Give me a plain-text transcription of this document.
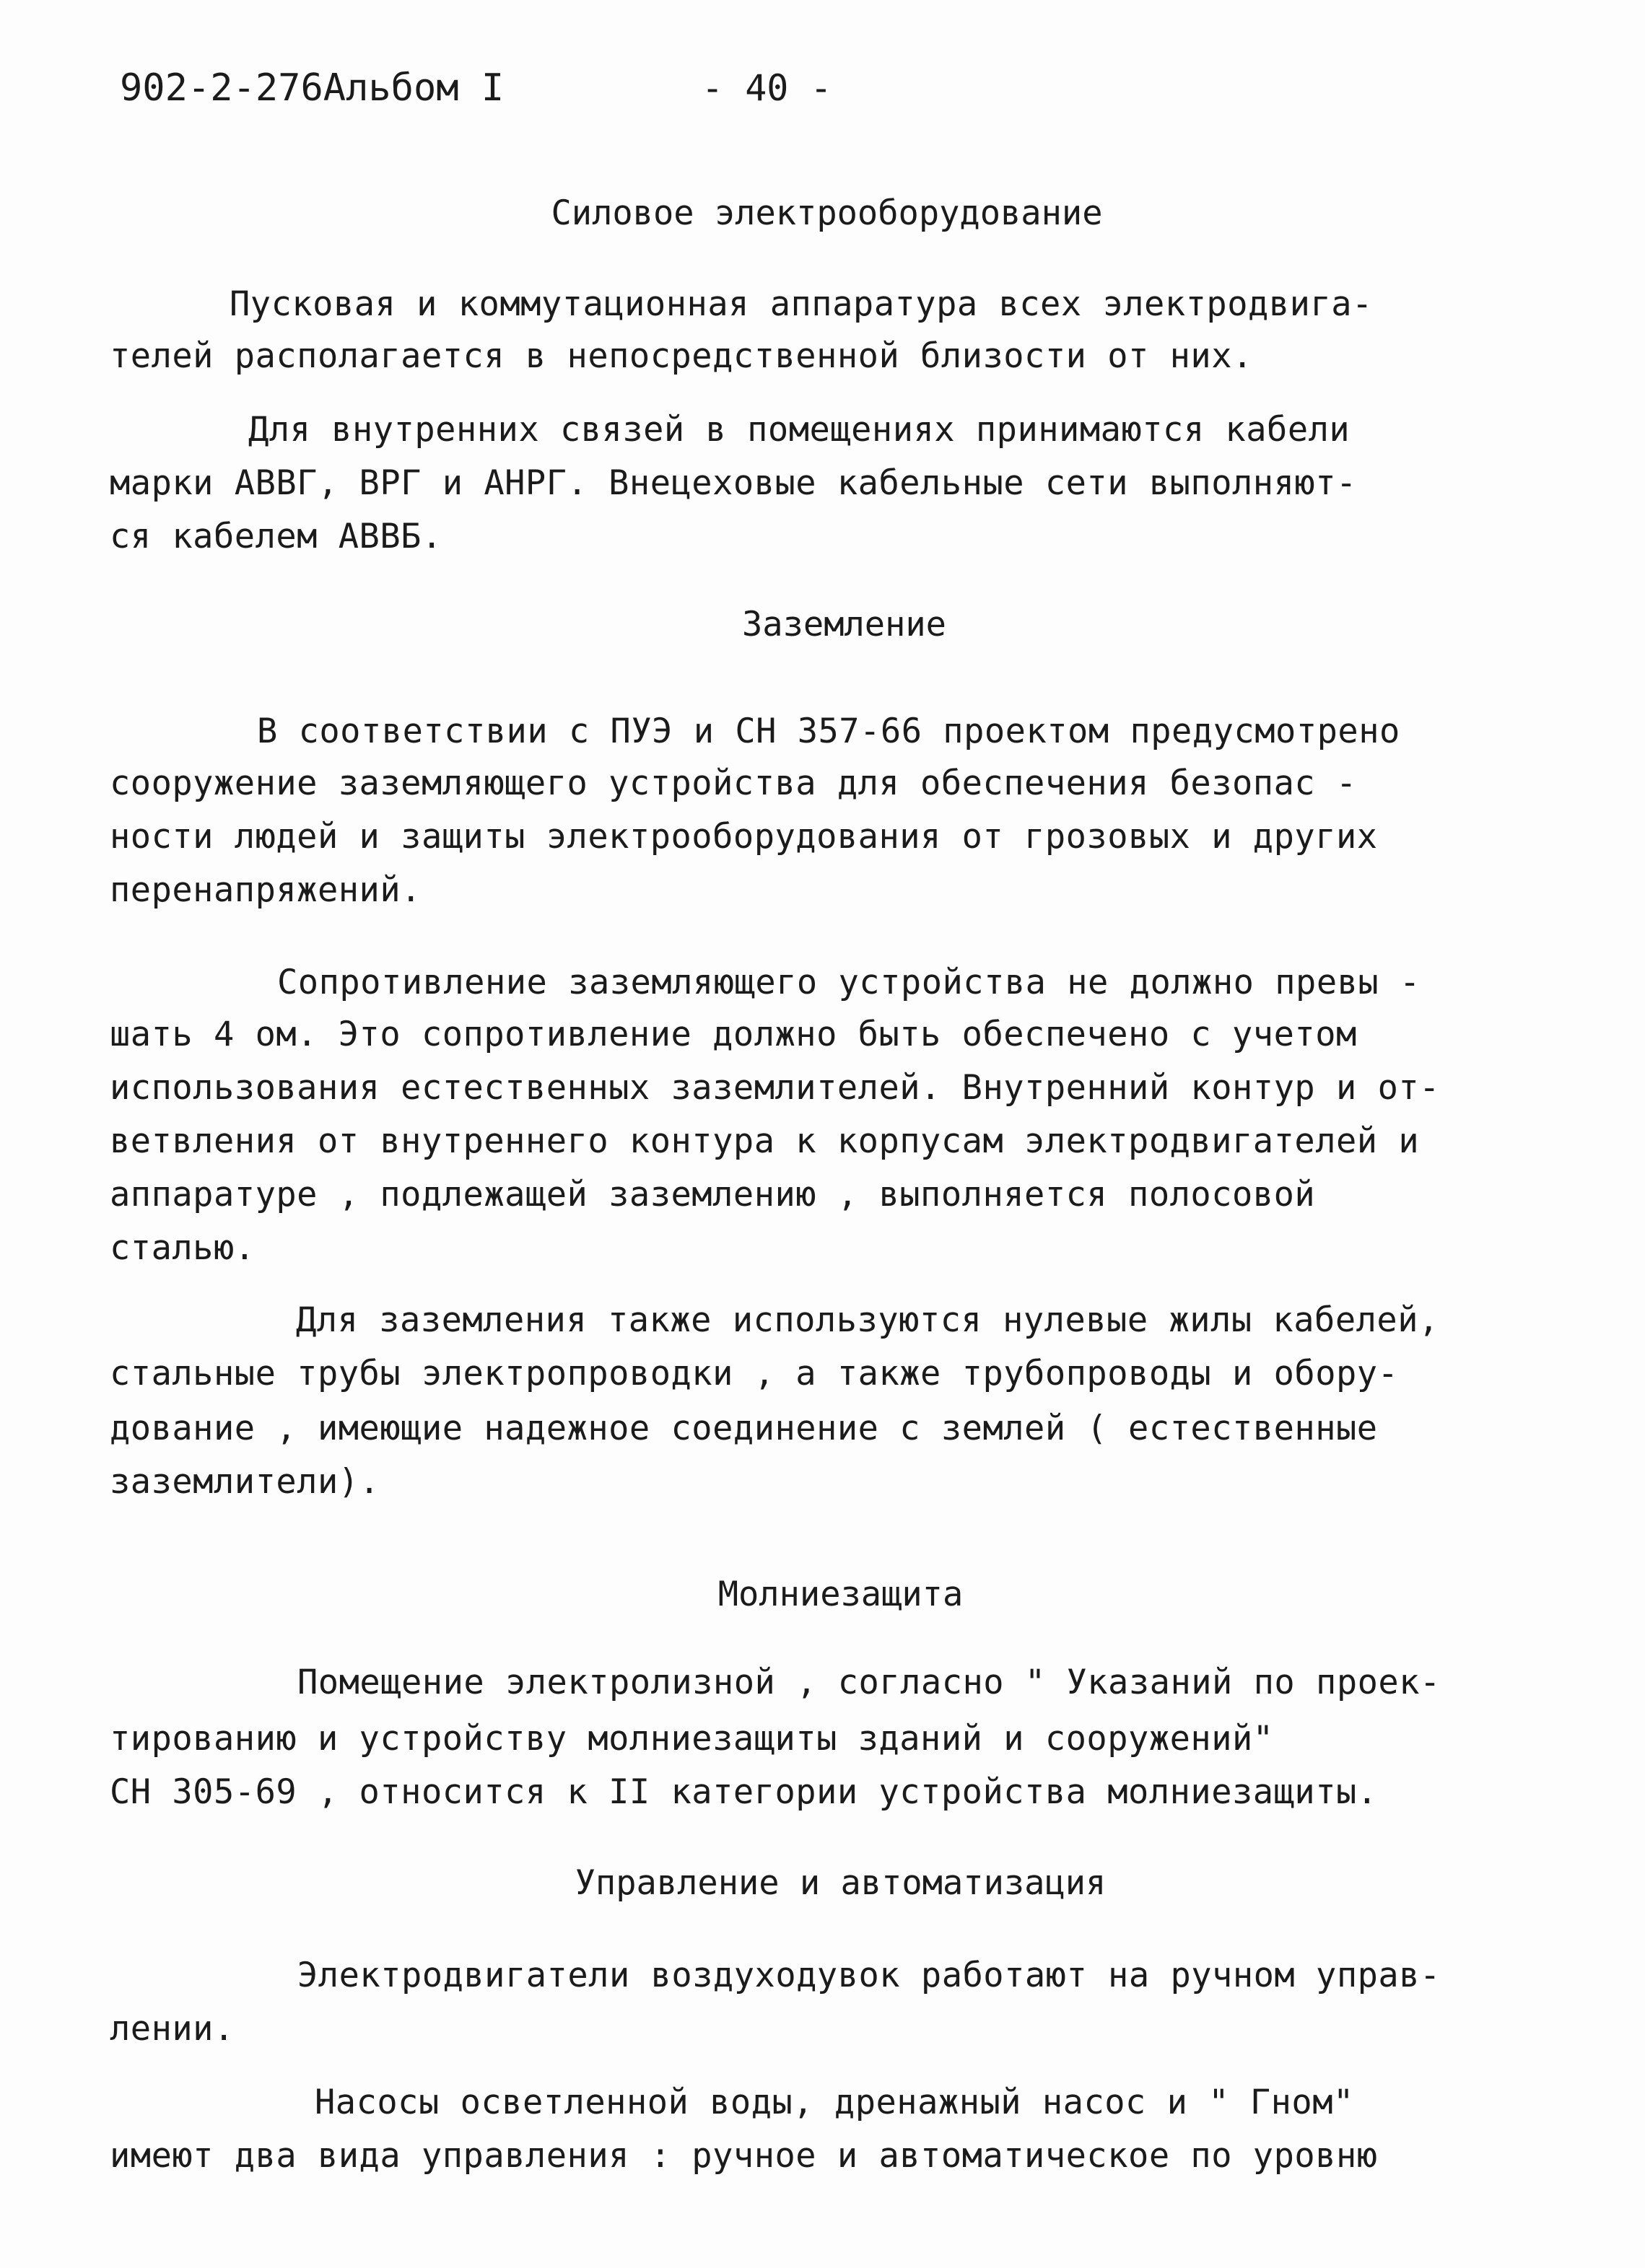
902-2-276Альбом I	- 40 -
Силовое электрооборудование
Пусковая и коммутационная аппаратура всех электродвига-
телей располагается в непосредственной близости от них.
Для внутренних связей в помещениях принимаются кабели
марки АВВГ, ВРГ и АНРГ. Внецеховые кабельные сети выполняют-
ся кабелем АВВБ.
Заземление
В соответствии с ПУЭ и СН 357-66 проектом предусмотрено
сооружение заземляющего устройства для обеспечения безопас -
ности людей и защиты электрооборудования от грозовых и других
перенапряжений.
Сопротивление заземляющего устройства не должно превы -
шать 4 ом. Это сопротивление должно быть обеспечено с учетом
использования естественных заземлителей. Внутренний контур и от-
ветвления от внутреннего контура к корпусам электродвигателей и
аппаратуре , подлежащей заземлению , выполняется полосовой
сталью.
Для заземления также используются нулевые жилы кабелей,
стальные трубы электропроводки , а также трубопроводы и обору-
дование , имеющие надежное соединение с землей ( естественные
заземлители).
Молниезащита
Помещение электролизной , согласно " Указаний по проек-
тированию и устройству молниезащиты зданий и сооружений"
СН 305-69 , относится к II категории устройства молниезащиты.
Управление и автоматизация
Электродвигатели воздуходувок работают на ручном управ-
лении.
Насосы осветленной воды, дренажный насос и " Гном"
имеют два вида управления : ручное и автоматическое по уровню
